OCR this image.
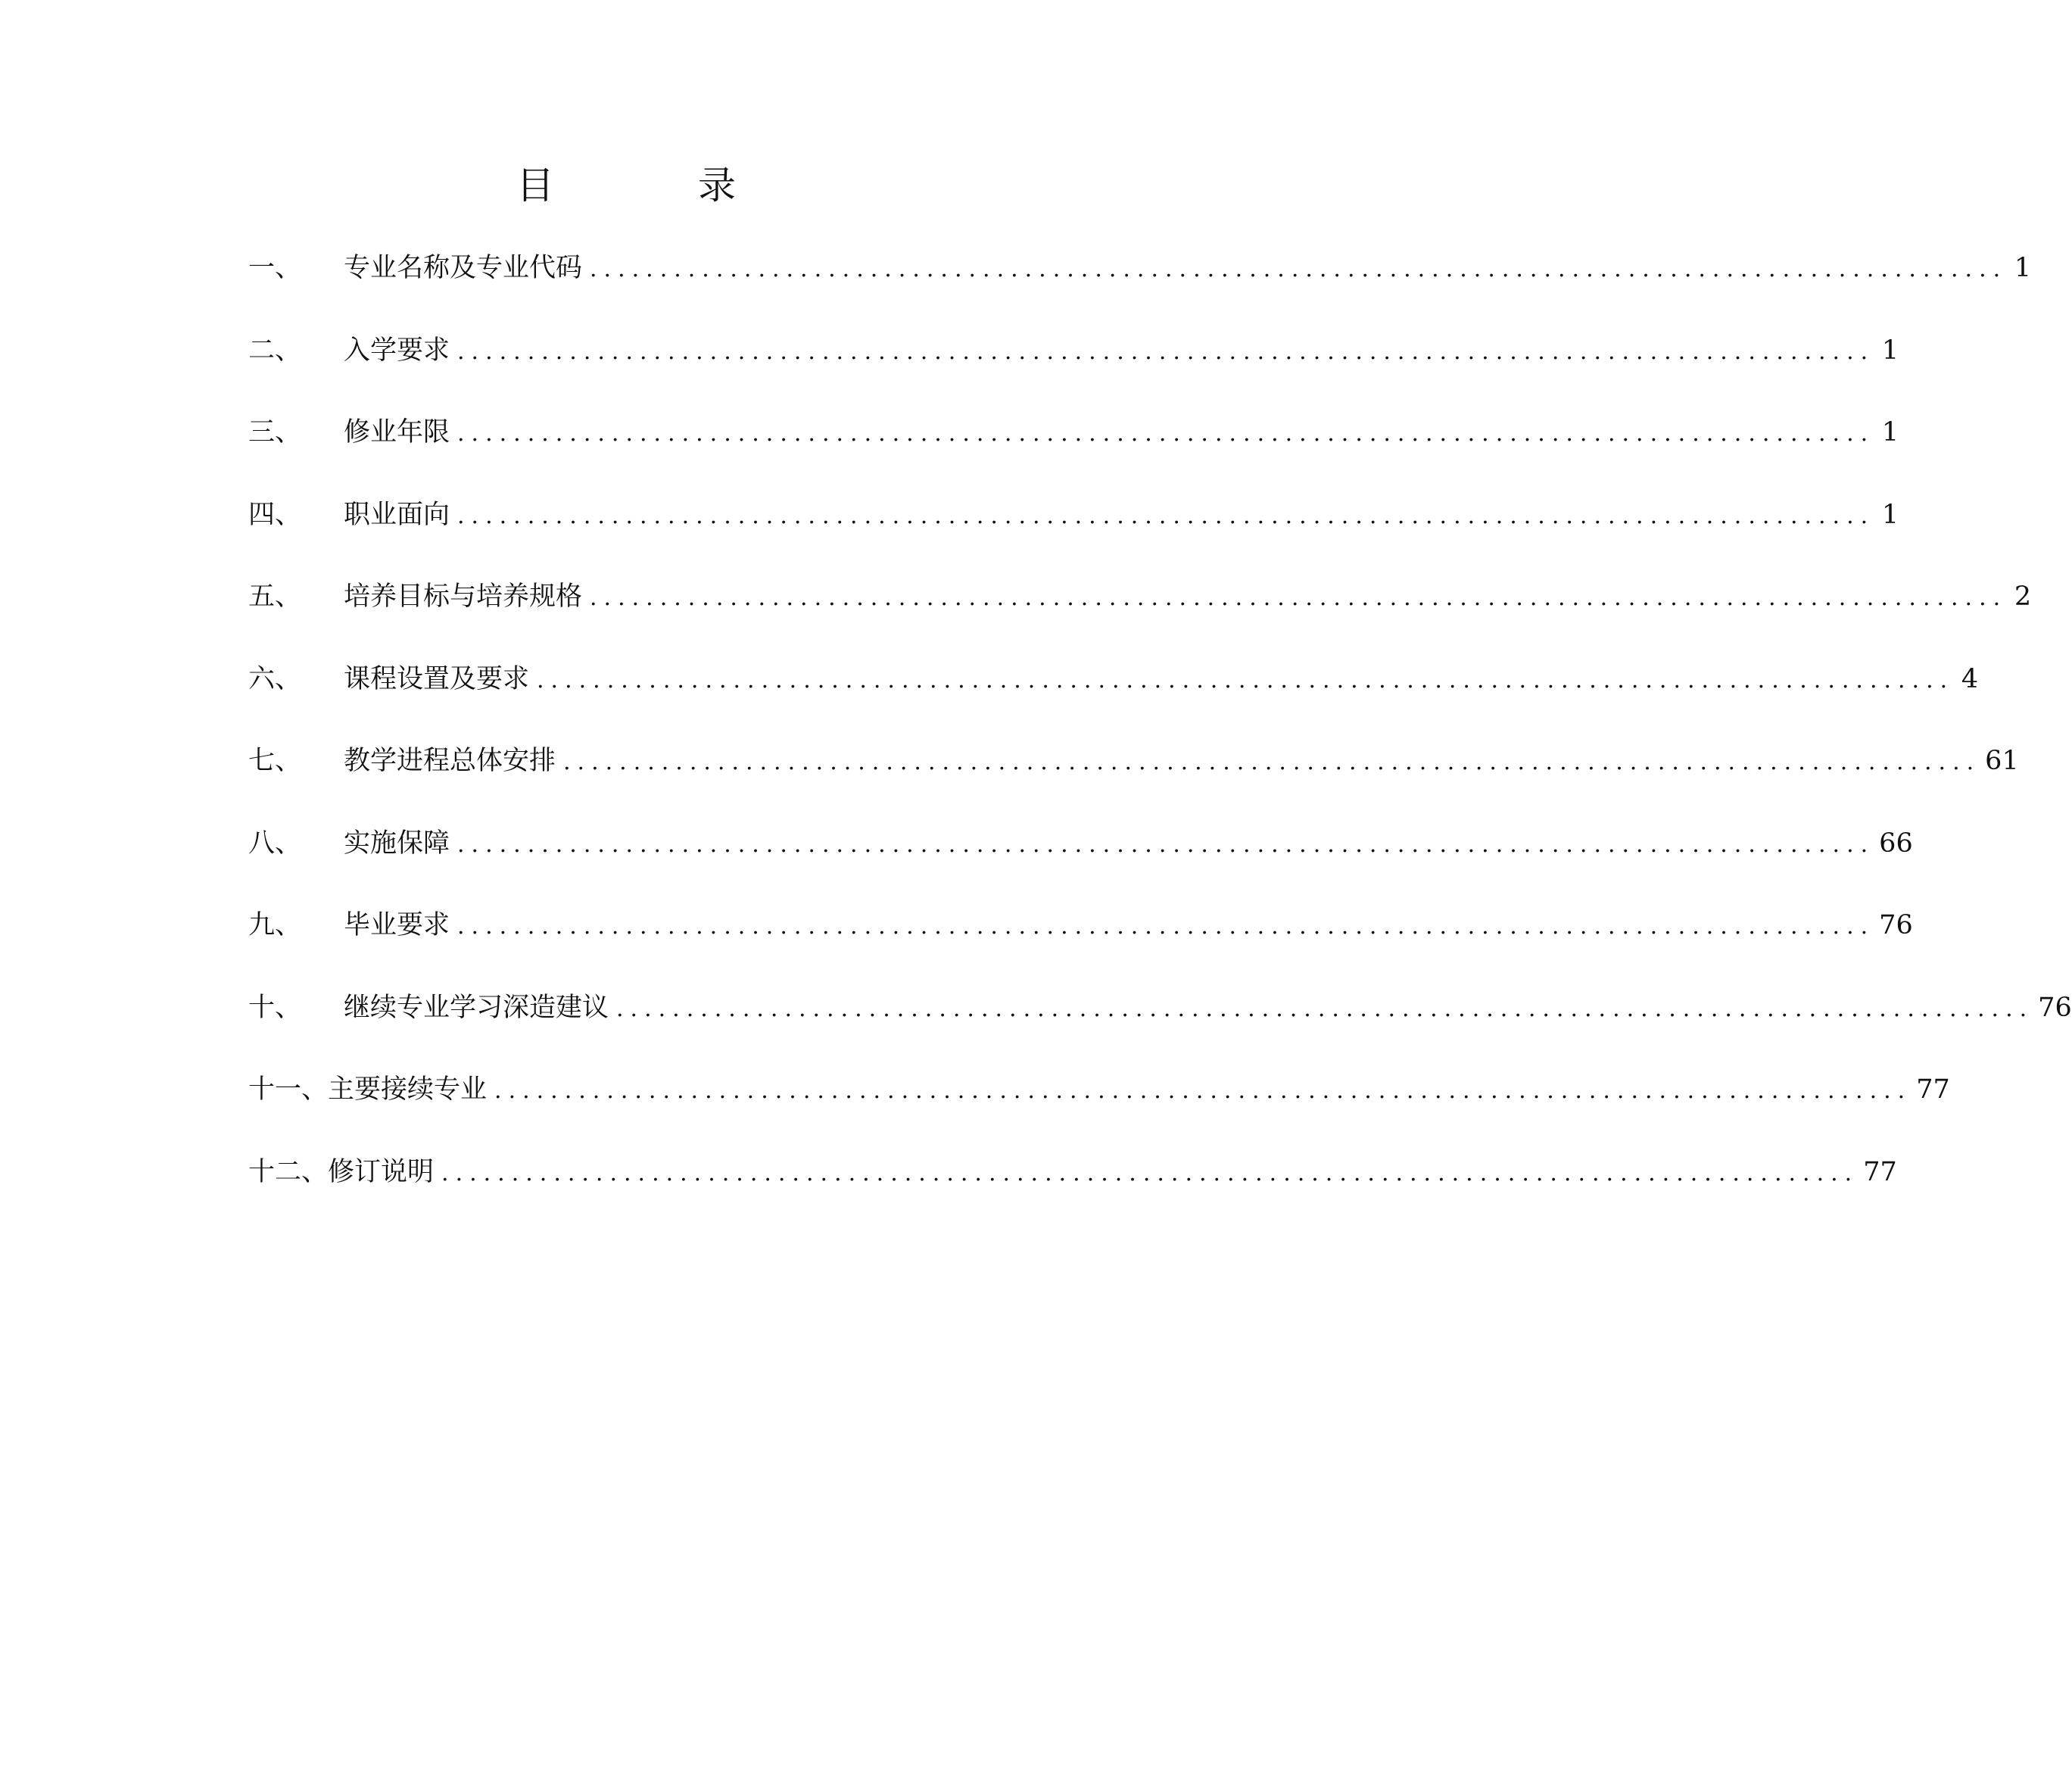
目　录
一、	专业名称及专业代码 ..................................................................................................... 1
二、	入学要求 ..................................................................................................... 1
三、	修业年限 ..................................................................................................... 1
四、	职业面向 ..................................................................................................... 1
五、	培养目标与培养规格 ..................................................................................................... 2
六、	课程设置及要求 ..................................................................................................... 4
七、	教学进程总体安排 ..................................................................................................... 61
八、	实施保障 ..................................................................................................... 66
九、	毕业要求 ..................................................................................................... 76
十、	继续专业学习深造建议 ..................................................................................................... 76
十一、 主要接续专业 ..................................................................................................... 77
十二、 修订说明 ..................................................................................................... 77
